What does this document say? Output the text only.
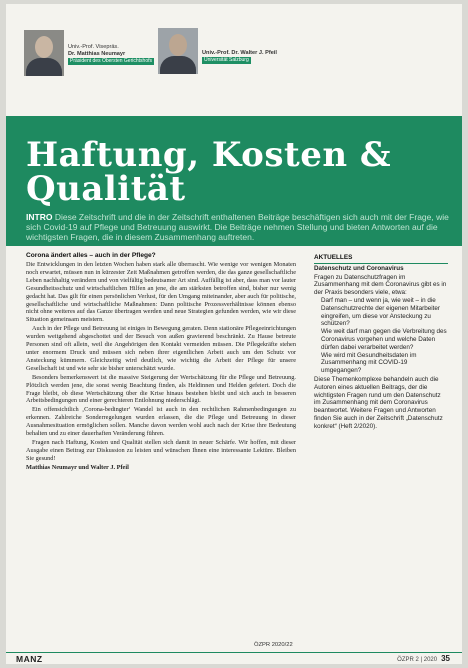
Univ.-Prof. Visepräs.
Dr. Matthias Neumayr
Präsident des Obersten Gerichtshofs
Univ.-Prof. Dr. Walter J. Pfeil
Universität Salzburg
Haftung, Kosten &
Qualität
INTRO Diese Zeitschrift und die in der Zeitschrift enthaltenen Beiträge beschäftigen sich auch mit der Frage, wie sich Covid-19 auf Pflege und Betreuung auswirkt. Die Beiträge nehmen Stellung und bieten Antworten auf die wichtigsten Fragen, die in diesem Zusammenhang auftreten.
Corona ändert alles – auch in der Pflege?

Die Entwicklungen in den letzten Wochen haben stark alle überrascht. Wie wenige vor wenigen Monaten noch erwartet, müssen nun in kürzester Zeit Maßnahmen getroffen werden, die das ganze gesellschaftliche Leben nachhaltig verändern und von vielfältig bedeutsamer Art sind. Auffällig ist aber, dass man vor lauter Gesundheitsschutz und wirtschaftlichen Hilfen an jene, die am stärksten betroffen sind, bisher nur wenig gedacht hat. Das gilt für einen persönlichen Verlust, für den Umgang miteinander, aber auch für politische, gesellschaftliche und wirtschaftliche Maßnahmen: Dann politische Prozessverhältnisse können ebenso nicht ohne weiteres auf das Ganze übertragen werden und neue Strategien gefunden werden, wie wir diese Situation gemeinsam meistern.

Auch in der Pflege und Betreuung ist einiges in Bewegung geraten. Denn stationäre Pflegeeinrichtungen wurden weitgehend abgeschottet und der Besuch von außen gravierend beschränkt. Zu Hause betreute Personen sind oft allein, weil die Angehörigen den Kontakt vermeiden müssen. Die Pflegekräfte stehen unter enormem Druck und müssen sich neben ihrer eigentlichen Arbeit auch um den Schutz vor Ansteckung kümmern. Gleichzeitig wird deutlich, wie wichtig die Arbeit der Pflege für unsere Gesellschaft ist und wie sehr sie bisher unterschätzt wurde.

Besonders bemerkenswert ist die massive Steigerung der Wertschätzung für die Pflege und Betreuung. Plötzlich werden jene, die sonst wenig Beachtung finden, als Heldinnen und Helden gefeiert. Doch die Frage bleibt, ob diese Wertschätzung über die Krise hinaus bestehen bleibt und sich auch in besseren Arbeitsbedingungen und einer gerechteren Entlohnung niederschlägt.

Ein offensichtlich ‚Corona-bedingter‘ Wandel ist auch in den rechtlichen Rahmenbedingungen zu erkennen. Zahlreiche Sonderregelungen wurden erlassen, die die Pflege und Betreuung in dieser Ausnahmesituation ermöglichen sollen. Manche davon werden wohl auch nach der Krise ihre Bedeutung behalten und zu einer dauerhaften Veränderung führen.

Fragen nach Haftung, Kosten und Qualität stellen sich damit in neuer Schärfe. Wir hoffen, mit dieser Ausgabe einen Beitrag zur Diskussion zu leisten und wünschen Ihnen eine interessante Lektüre. Bleiben Sie gesund!

Matthias Neumayr und Walter J. Pfeil

AKTUELLES
Datenschutz und Coronavirus

Fragen zu Datenschutzfragen im Zusammenhang mit dem Coronavirus gibt es in der Praxis besonders viele, etwa:

• Darf man – und wenn ja, wie weit – in die Datenschutzrechte der eigenen Mitarbeiter eingreifen, um diese vor Ansteckung zu schützen?
• Wie weit darf man gegen die Verbreitung des Coronavirus vorgehen und welche Daten dürfen dabei verarbeitet werden?
• Wie wird mit Gesundheitsdaten im Zusammenhang mit COVID-19 umgegangen?

Diese Themenkomplexe behandeln auch die Autoren eines aktuellen Beitrags, der die wichtigsten Fragen rund um den Datenschutz im Zusammenhang mit dem Coronavirus beantwortet. Weitere Fragen und Antworten finden Sie auch in der Zeitschrift „Datenschutz konkret“ (Heft 2/2020).

ÖZPR 2020/22
MANZ	ÖZPR 2 | 2020 35
